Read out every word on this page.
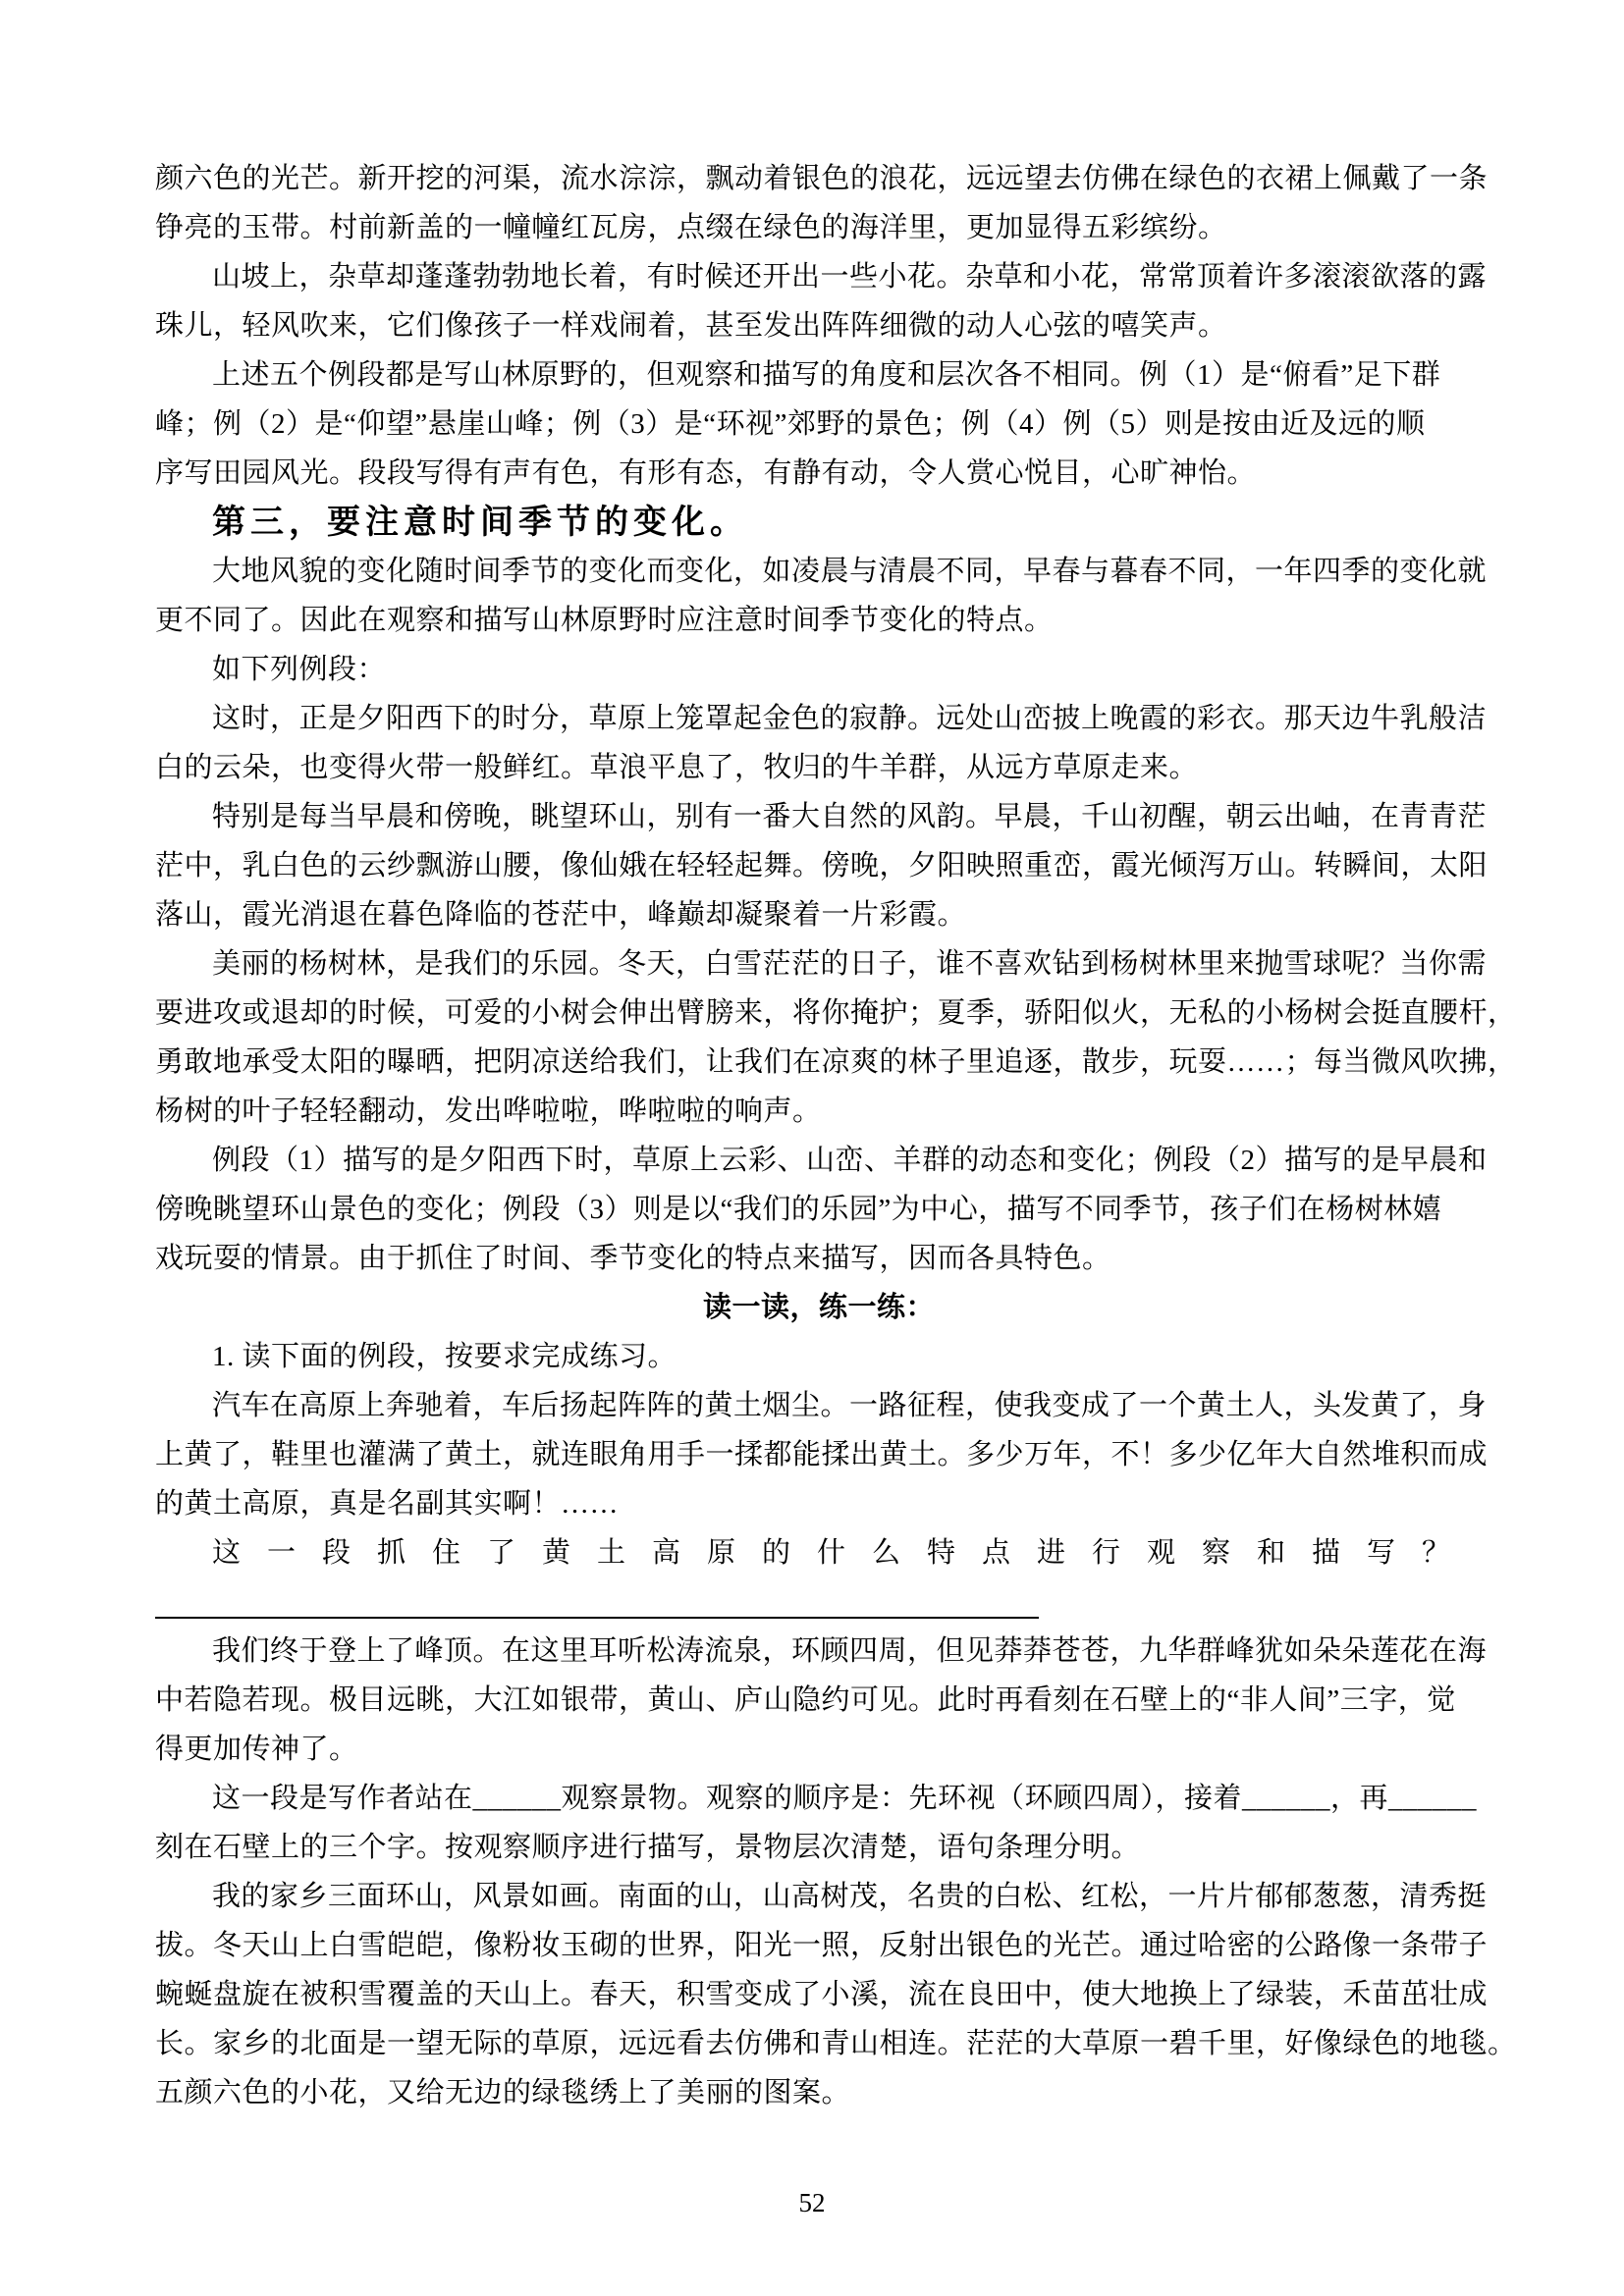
颜六色的光芒。新开挖的河渠，流水淙淙，飘动着银色的浪花，远远望去仿佛在绿色的衣裙上佩戴了一条
铮亮的玉带。村前新盖的一幢幢红瓦房，点缀在绿色的海洋里，更加显得五彩缤纷。
山坡上，杂草却蓬蓬勃勃地长着，有时候还开出一些小花。杂草和小花，常常顶着许多滚滚欲落的露
珠儿，轻风吹来，它们像孩子一样戏闹着，甚至发出阵阵细微的动人心弦的嘻笑声。
上述五个例段都是写山林原野的，但观察和描写的角度和层次各不相同。例（1）是“俯看”足下群
峰；例（2）是“仰望”悬崖山峰；例（3）是“环视”郊野的景色；例（4）例（5）则是按由近及远的顺
序写田园风光。段段写得有声有色，有形有态，有静有动，令人赏心悦目，心旷神怡。
第三，要注意时间季节的变化。
大地风貌的变化随时间季节的变化而变化，如凌晨与清晨不同，早春与暮春不同，一年四季的变化就
更不同了。因此在观察和描写山林原野时应注意时间季节变化的特点。
如下列例段：
这时，正是夕阳西下的时分，草原上笼罩起金色的寂静。远处山峦披上晚霞的彩衣。那天边牛乳般洁
白的云朵，也变得火带一般鲜红。草浪平息了，牧归的牛羊群，从远方草原走来。
特别是每当早晨和傍晚，眺望环山，别有一番大自然的风韵。早晨，千山初醒，朝云出岫，在青青茫
茫中，乳白色的云纱飘游山腰，像仙娥在轻轻起舞。傍晚，夕阳映照重峦，霞光倾泻万山。转瞬间，太阳
落山，霞光消退在暮色降临的苍茫中，峰巅却凝聚着一片彩霞。
美丽的杨树林，是我们的乐园。冬天，白雪茫茫的日子，谁不喜欢钻到杨树林里来抛雪球呢？当你需
要进攻或退却的时候，可爱的小树会伸出臂膀来，将你掩护；夏季，骄阳似火，无私的小杨树会挺直腰杆，
勇敢地承受太阳的曝晒，把阴凉送给我们，让我们在凉爽的林子里追逐，散步，玩耍……；每当微风吹拂，
杨树的叶子轻轻翻动，发出哗啦啦，哗啦啦的响声。
例段（1）描写的是夕阳西下时，草原上云彩、山峦、羊群的动态和变化；例段（2）描写的是早晨和
傍晚眺望环山景色的变化；例段（3）则是以“我们的乐园”为中心，描写不同季节，孩子们在杨树林嬉
戏玩耍的情景。由于抓住了时间、季节变化的特点来描写，因而各具特色。
读一读，练一练：
1. 读下面的例段，按要求完成练习。
汽车在高原上奔驰着，车后扬起阵阵的黄土烟尘。一路征程，使我变成了一个黄土人，头发黄了，身
上黄了，鞋里也灌满了黄土，就连眼角用手一揉都能揉出黄土。多少万年，不！多少亿年大自然堆积而成
的黄土高原，真是名副其实啊！……
这一段抓住了黄土高原的什么特点进行观察和描写？
我们终于登上了峰顶。在这里耳听松涛流泉，环顾四周，但见莽莽苍苍，九华群峰犹如朵朵莲花在海
中若隐若现。极目远眺，大江如银带，黄山、庐山隐约可见。此时再看刻在石壁上的“非人间”三字，觉
得更加传神了。
这一段是写作者站在______观察景物。观察的顺序是：先环视（环顾四周），接着______，再______
刻在石壁上的三个字。按观察顺序进行描写，景物层次清楚，语句条理分明。
我的家乡三面环山，风景如画。南面的山，山高树茂，名贵的白松、红松，一片片郁郁葱葱，清秀挺
拔。冬天山上白雪皑皑，像粉妆玉砌的世界，阳光一照，反射出银色的光芒。通过哈密的公路像一条带子
蜿蜒盘旋在被积雪覆盖的天山上。春天，积雪变成了小溪，流在良田中，使大地换上了绿装，禾苗茁壮成
长。家乡的北面是一望无际的草原，远远看去仿佛和青山相连。茫茫的大草原一碧千里，好像绿色的地毯。
五颜六色的小花，又给无边的绿毯绣上了美丽的图案。
52
